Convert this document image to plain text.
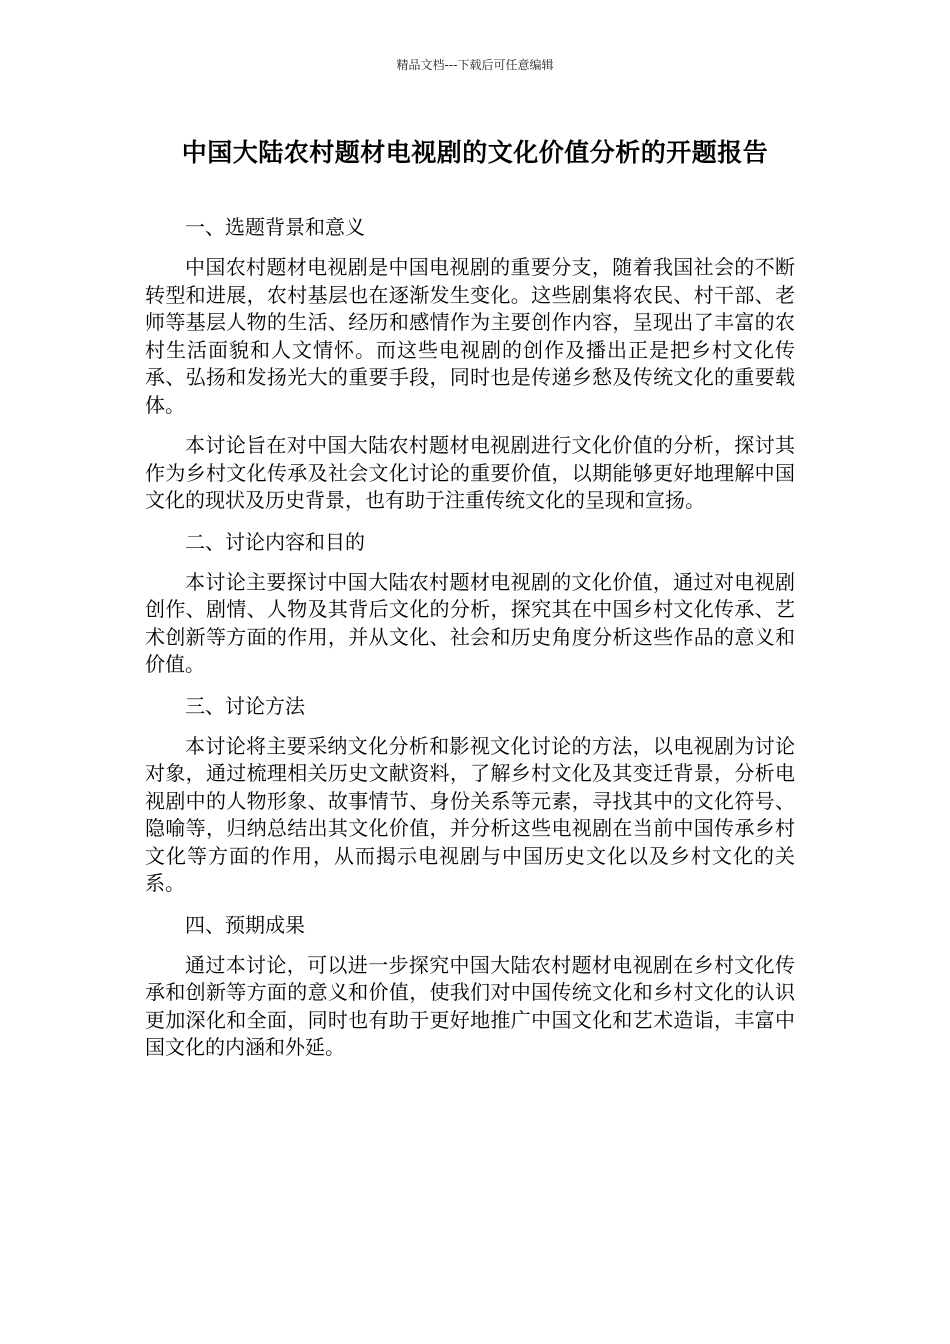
精品文档---下载后可任意编辑
中国大陆农村题材电视剧的文化价值分析的开题报告

一、选题背景和意义

中国农村题材电视剧是中国电视剧的重要分支，随着我国社会的不断转型和进展，农村基层也在逐渐发生变化。这些剧集将农民、村干部、老师等基层人物的生活、经历和感情作为主要创作内容，呈现出了丰富的农村生活面貌和人文情怀。而这些电视剧的创作及播出正是把乡村文化传承、弘扬和发扬光大的重要手段，同时也是传递乡愁及传统文化的重要载体。

本讨论旨在对中国大陆农村题材电视剧进行文化价值的分析，探讨其作为乡村文化传承及社会文化讨论的重要价值，以期能够更好地理解中国文化的现状及历史背景，也有助于注重传统文化的呈现和宣扬。

二、讨论内容和目的

本讨论主要探讨中国大陆农村题材电视剧的文化价值，通过对电视剧创作、剧情、人物及其背后文化的分析，探究其在中国乡村文化传承、艺术创新等方面的作用，并从文化、社会和历史角度分析这些作品的意义和价值。

三、讨论方法

本讨论将主要采纳文化分析和影视文化讨论的方法，以电视剧为讨论对象，通过梳理相关历史文献资料，了解乡村文化及其变迁背景，分析电视剧中的人物形象、故事情节、身份关系等元素，寻找其中的文化符号、隐喻等，归纳总结出其文化价值，并分析这些电视剧在当前中国传承乡村文化等方面的作用，从而揭示电视剧与中国历史文化以及乡村文化的关系。

四、预期成果

通过本讨论，可以进一步探究中国大陆农村题材电视剧在乡村文化传承和创新等方面的意义和价值，使我们对中国传统文化和乡村文化的认识更加深化和全面，同时也有助于更好地推广中国文化和艺术造诣，丰富中国文化的内涵和外延。
